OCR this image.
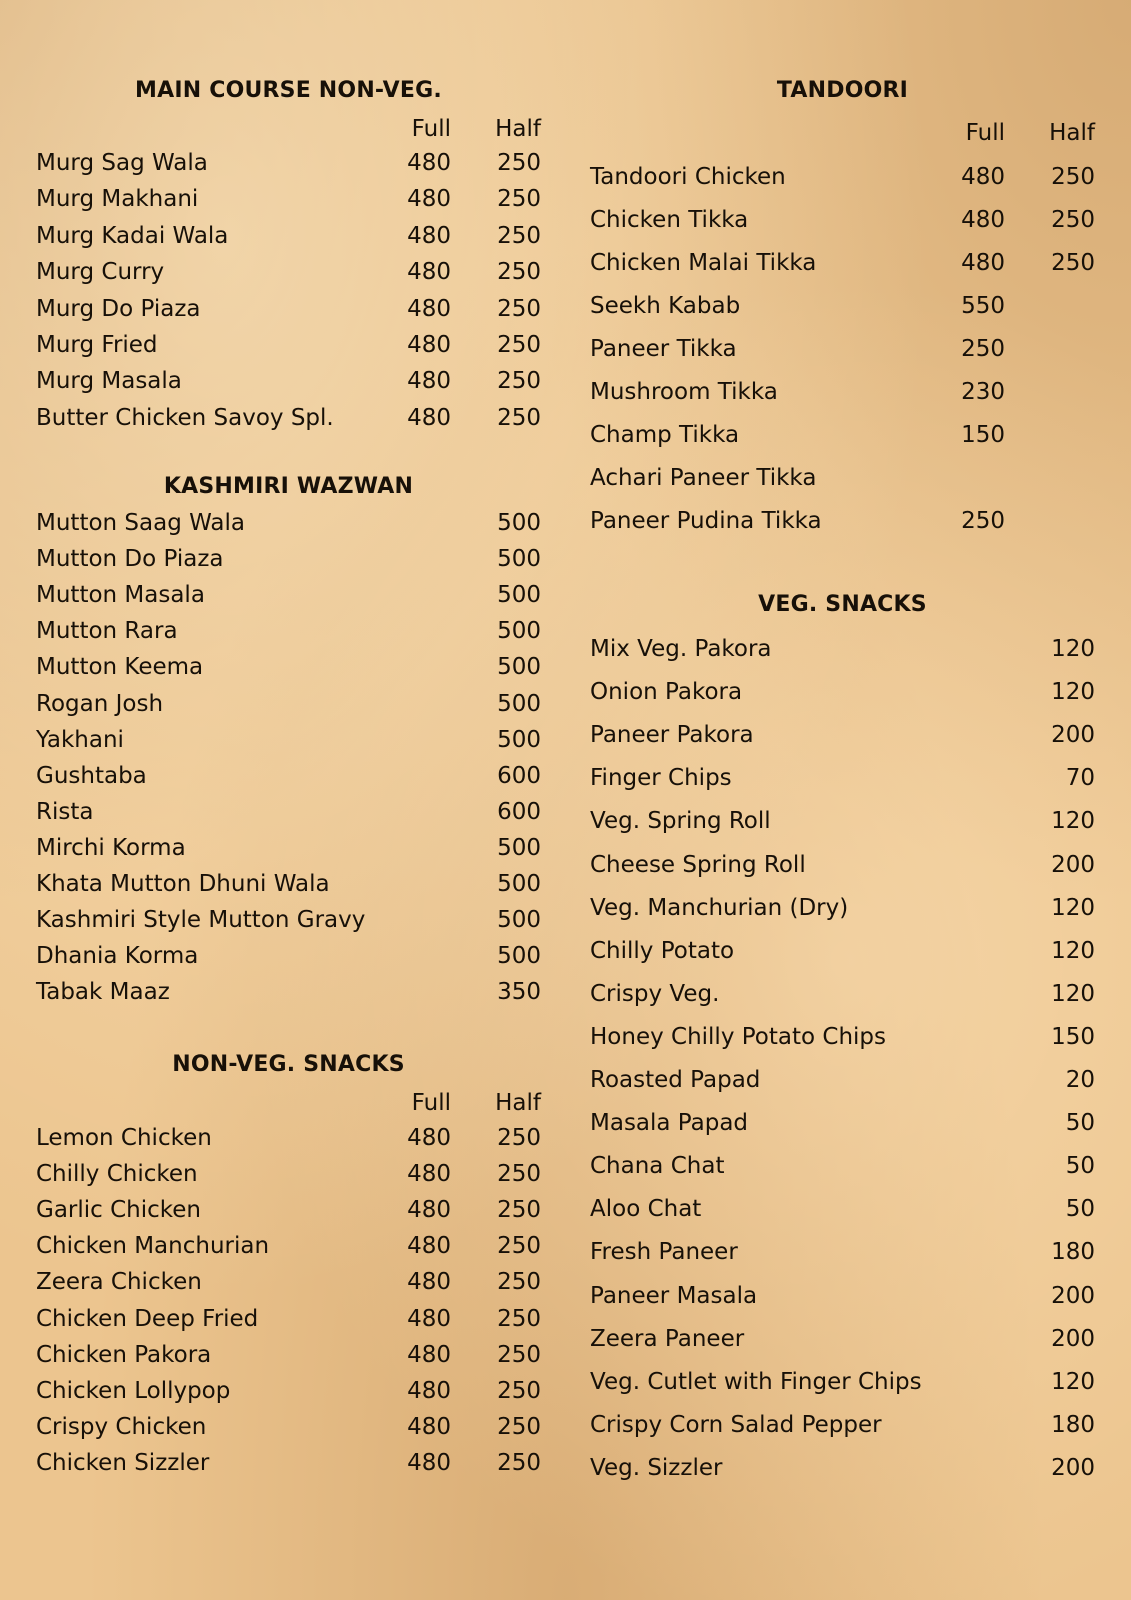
MAIN COURSE NON-VEG.
Full	Half
Murg Sag Wala	480	250
Murg Makhani	480	250
Murg Kadai Wala	480	250
Murg Curry	480	250
Murg Do Piaza	480	250
Murg Fried	480	250
Murg Masala	480	250
Butter Chicken Savoy Spl.	480	250
KASHMIRI WAZWAN
Mutton Saag Wala	500
Mutton Do Piaza	500
Mutton Masala	500
Mutton Rara	500
Mutton Keema	500
Rogan Josh	500
Yakhani	500
Gushtaba	600
Rista	600
Mirchi Korma	500
Khata Mutton Dhuni Wala	500
Kashmiri Style Mutton Gravy	500
Dhania Korma	500
Tabak Maaz	350
NON-VEG. SNACKS
Full	Half
Lemon Chicken	480	250
Chilly Chicken	480	250
Garlic Chicken	480	250
Chicken Manchurian	480	250
Zeera Chicken	480	250
Chicken Deep Fried	480	250
Chicken Pakora	480	250
Chicken Lollypop	480	250
Crispy Chicken	480	250
Chicken Sizzler	480	250
TANDOORI
Full	Half
Tandoori Chicken	480	250
Chicken Tikka	480	250
Chicken Malai Tikka	480	250
Seekh Kabab	550
Paneer Tikka	250
Mushroom Tikka	230
Champ Tikka	150
Achari Paneer Tikka
Paneer Pudina Tikka	250
VEG. SNACKS
Mix Veg. Pakora	120
Onion Pakora	120
Paneer Pakora	200
Finger Chips	70
Veg. Spring Roll	120
Cheese Spring Roll	200
Veg. Manchurian (Dry)	120
Chilly Potato	120
Crispy Veg.	120
Honey Chilly Potato Chips	150
Roasted Papad	20
Masala Papad	50
Chana Chat	50
Aloo Chat	50
Fresh Paneer	180
Paneer Masala	200
Zeera Paneer	200
Veg. Cutlet with Finger Chips	120
Crispy Corn Salad Pepper	180
Veg. Sizzler	200
